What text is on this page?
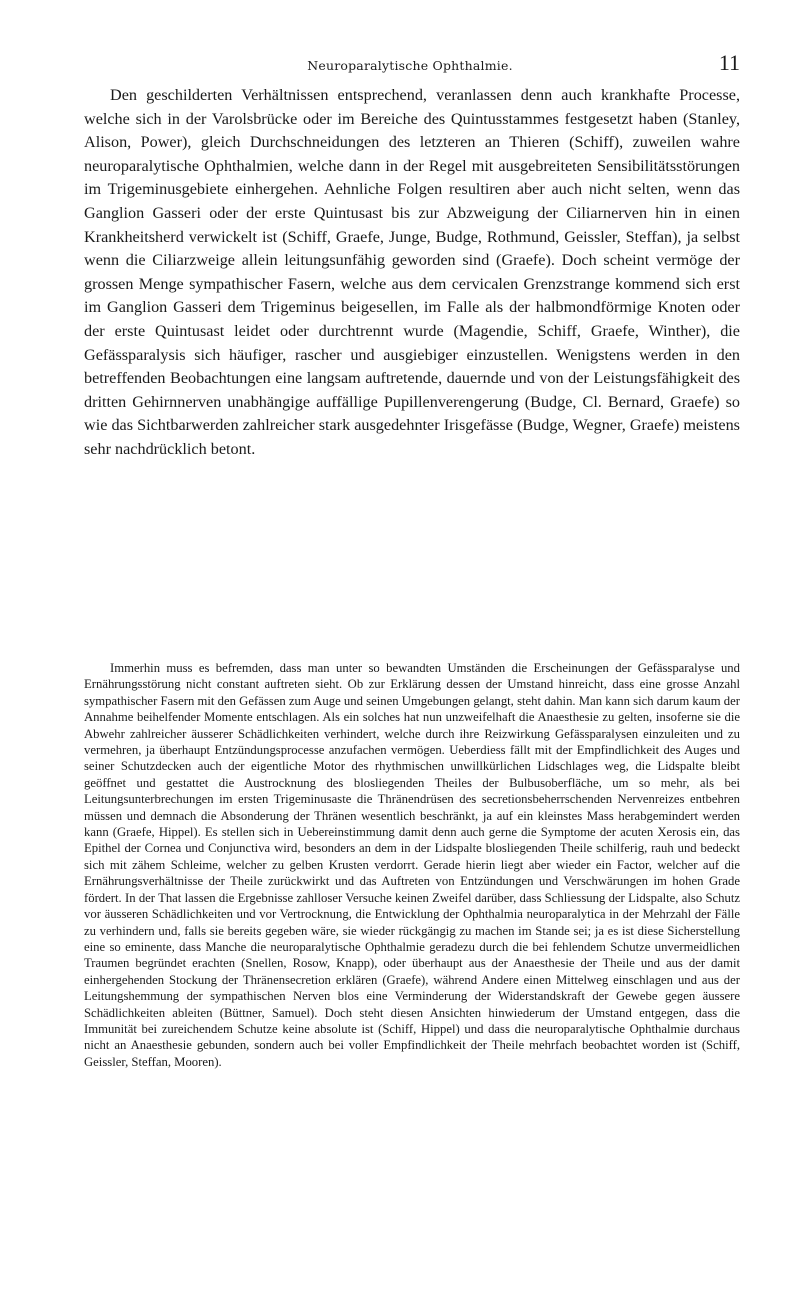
Neuroparalytische Ophthalmie.	11

Den geschilderten Verhältnissen entsprechend, veranlassen denn auch krankhafte Processe, welche sich in der Varolsbrücke oder im Bereiche des Quintusstammes festgesetzt haben (Stanley, Alison, Power), gleich Durchschneidungen des letzteren an Thieren (Schiff), zuweilen wahre neuroparalytische Ophthalmien, welche dann in der Regel mit ausgebreiteten Sensibilitätsstörungen im Trigeminusgebiete einhergehen. Aehnliche Folgen resultiren aber auch nicht selten, wenn das Ganglion Gasseri oder der erste Quintusast bis zur Abzweigung der Ciliarnerven hin in einen Krankheitsherd verwickelt ist (Schiff, Graefe, Junge, Budge, Rothmund, Geissler, Steffan), ja selbst wenn die Ciliarzweige allein leitungsunfähig geworden sind (Graefe). Doch scheint vermöge der grossen Menge sympathischer Fasern, welche aus dem cervicalen Grenzstrange kommend sich erst im Ganglion Gasseri dem Trigeminus beigesellen, im Falle als der halbmondförmige Knoten oder der erste Quintusast leidet oder durchtrennt wurde (Magendie, Schiff, Graefe, Winther), die Gefässparalysis sich häufiger, rascher und ausgiebiger einzustellen. Wenigstens werden in den betreffenden Beobachtungen eine langsam auftretende, dauernde und von der Leistungsfähigkeit des dritten Gehirnnerven unabhängige auffällige Pupillenverengerung (Budge, Cl. Bernard, Graefe) so wie das Sichtbarwerden zahlreicher stark ausgedehnter Irisgefässe (Budge, Wegner, Graefe) meistens sehr nachdrücklich betont.

Immerhin muss es befremden, dass man unter so bewandten Umständen die Erscheinungen der Gefässparalyse und Ernährungsstörung nicht constant auftreten sieht. Ob zur Erklärung dessen der Umstand hinreicht, dass eine grosse Anzahl sympathischer Fasern mit den Gefässen zum Auge und seinen Umgebungen gelangt, steht dahin. Man kann sich darum kaum der Annahme beihelfender Momente entschlagen. Als ein solches hat nun unzweifelhaft die Anaesthesie zu gelten, insoferne sie die Abwehr zahlreicher äusserer Schädlichkeiten verhindert, welche durch ihre Reizwirkung Gefässparalysen einzuleiten und zu vermehren, ja überhaupt Entzündungsprocesse anzufachen vermögen. Ueberdiess fällt mit der Empfindlichkeit des Auges und seiner Schutzdecken auch der eigentliche Motor des rhythmischen unwillkürlichen Lidschlages weg, die Lidspalte bleibt geöffnet und gestattet die Austrocknung des blosliegenden Theiles der Bulbusoberfläche, um so mehr, als bei Leitungsunterbrechungen im ersten Trigeminusaste die Thränendrüsen des secretionsbeherrschenden Nervenreizes entbehren müssen und demnach die Absonderung der Thränen wesentlich beschränkt, ja auf ein kleinstes Mass herabgemindert werden kann (Graefe, Hippel). Es stellen sich in Uebereinstimmung damit denn auch gerne die Symptome der acuten Xerosis ein, das Epithel der Cornea und Conjunctiva wird, besonders an dem in der Lidspalte blosliegenden Theile schilferig, rauh und bedeckt sich mit zähem Schleime, welcher zu gelben Krusten verdorrt. Gerade hierin liegt aber wieder ein Factor, welcher auf die Ernährungsverhältnisse der Theile zurückwirkt und das Auftreten von Entzündungen und Verschwärungen im hohen Grade fördert. In der That lassen die Ergebnisse zahlloser Versuche keinen Zweifel darüber, dass Schliessung der Lidspalte, also Schutz vor äusseren Schädlichkeiten und vor Vertrocknung, die Entwicklung der Ophthalmia neuroparalytica in der Mehrzahl der Fälle zu verhindern und, falls sie bereits gegeben wäre, sie wieder rückgängig zu machen im Stande sei; ja es ist diese Sicherstellung eine so eminente, dass Manche die neuroparalytische Ophthalmie geradezu durch die bei fehlendem Schutze unvermeidlichen Traumen begründet erachten (Snellen, Rosow, Knapp), oder überhaupt aus der Anaesthesie der Theile und aus der damit einhergehenden Stockung der Thränensecretion erklären (Graefe), während Andere einen Mittelweg einschlagen und aus der Leitungshemmung der sympathischen Nerven blos eine Verminderung der Widerstandskraft der Gewebe gegen äussere Schädlichkeiten ableiten (Büttner, Samuel). Doch steht diesen Ansichten hinwiederum der Umstand entgegen, dass die Immunität bei zureichendem Schutze keine absolute ist (Schiff, Hippel) und dass die neuroparalytische Ophthalmie durchaus nicht an Anaesthesie gebunden, sondern auch bei voller Empfindlichkeit der Theile mehrfach beobachtet worden ist (Schiff, Geissler, Steffan, Mooren).
